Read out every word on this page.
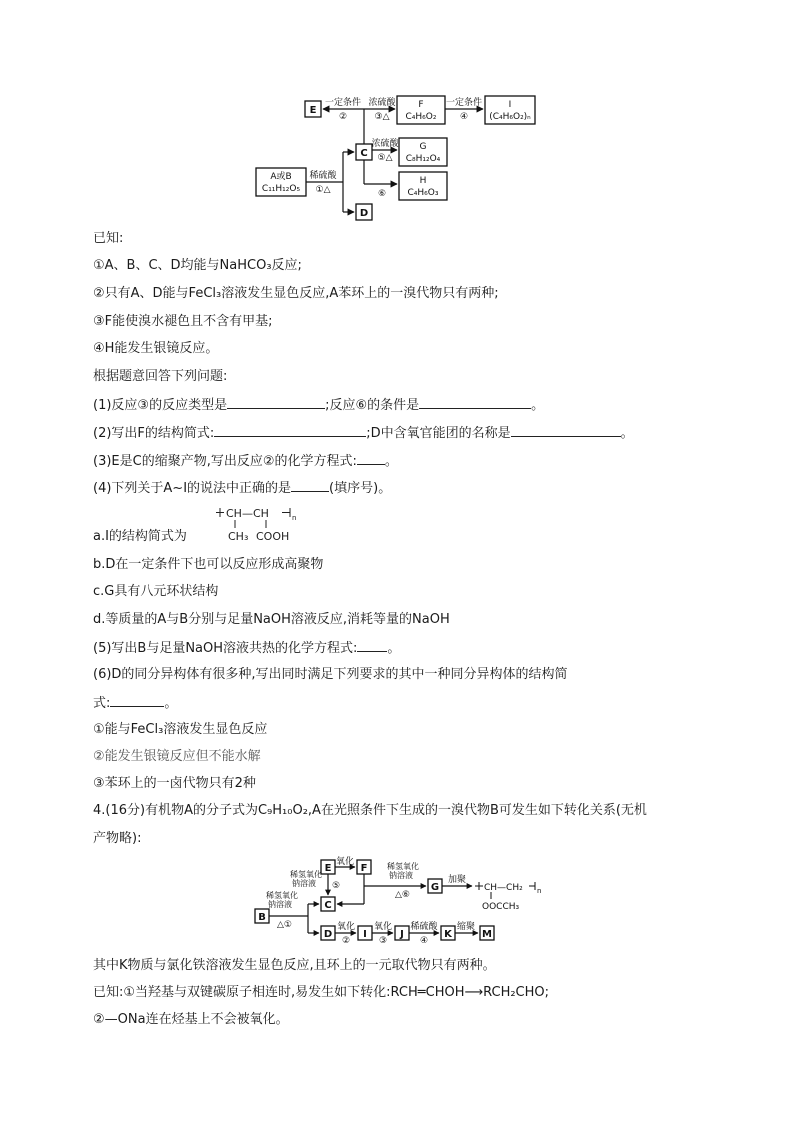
E
一定条件
②
浓硫酸
③△
F
C₄H₆O₂
一定条件
④
I
(C₄H₆O₂)ₙ
C
浓硫酸
⑤△
G
C₈H₁₂O₄
⑥
H
C₄H₆O₃
A或B
C₁₁H₁₂O₅
稀硫酸
①△
D
已知:
①A、B、C、D均能与NaHCO₃反应;
②只有A、D能与FeCl₃溶液发生显色反应,A苯环上的一溴代物只有两种;
③F能使溴水褪色且不含有甲基;
④H能发生银镜反应。
根据题意回答下列问题:
(1)反应③的反应类型是	;反应⑥的条件是	。
(2)写出F的结构简式:	;D中含氧官能团的名称是	。
(3)E是C的缩聚产物,写出反应②的化学方程式: 。
(4)下列关于A~I的说法中正确的是	(填序号)。
CH—CH	n
CH₃ COOH
a.I的结构简式为
b.D在一定条件下也可以反应形成高聚物
c.G具有八元环状结构
d.等质量的A与B分别与足量NaOH溶液反应,消耗等量的NaOH
(5)写出B与足量NaOH溶液共热的化学方程式: 。
(6)D的同分异构体有很多种,写出同时满足下列要求的其中一种同分异构体的结构简
式:	。
①能与FeCl₃溶液发生显色反应
②能发生银镜反应但不能水解
③苯环上的一卤代物只有2种
4.(16分)有机物A的分子式为C₉H₁₀O₂,A在光照条件下生成的一溴代物B可发生如下转化关系(无机
产物略):
E	F
氧化
稀氢氧化
钠溶液 ⑤
C
稀氢氧化
钠溶液
△⑥
G
加聚
CH—CH₂ n
OOCCH₃
B
稀氢氧化
钠溶液
△①
D
氧化
②
I
氧化
③
J
稀硫酸
④
K
缩聚
M
其中K物质与氯化铁溶液发生显色反应,且环上的一元取代物只有两种。
已知:①当羟基与双键碳原子相连时,易发生如下转化:RCH═CHOH⟶RCH₂CHO;
②—ONa连在烃基上不会被氧化。
